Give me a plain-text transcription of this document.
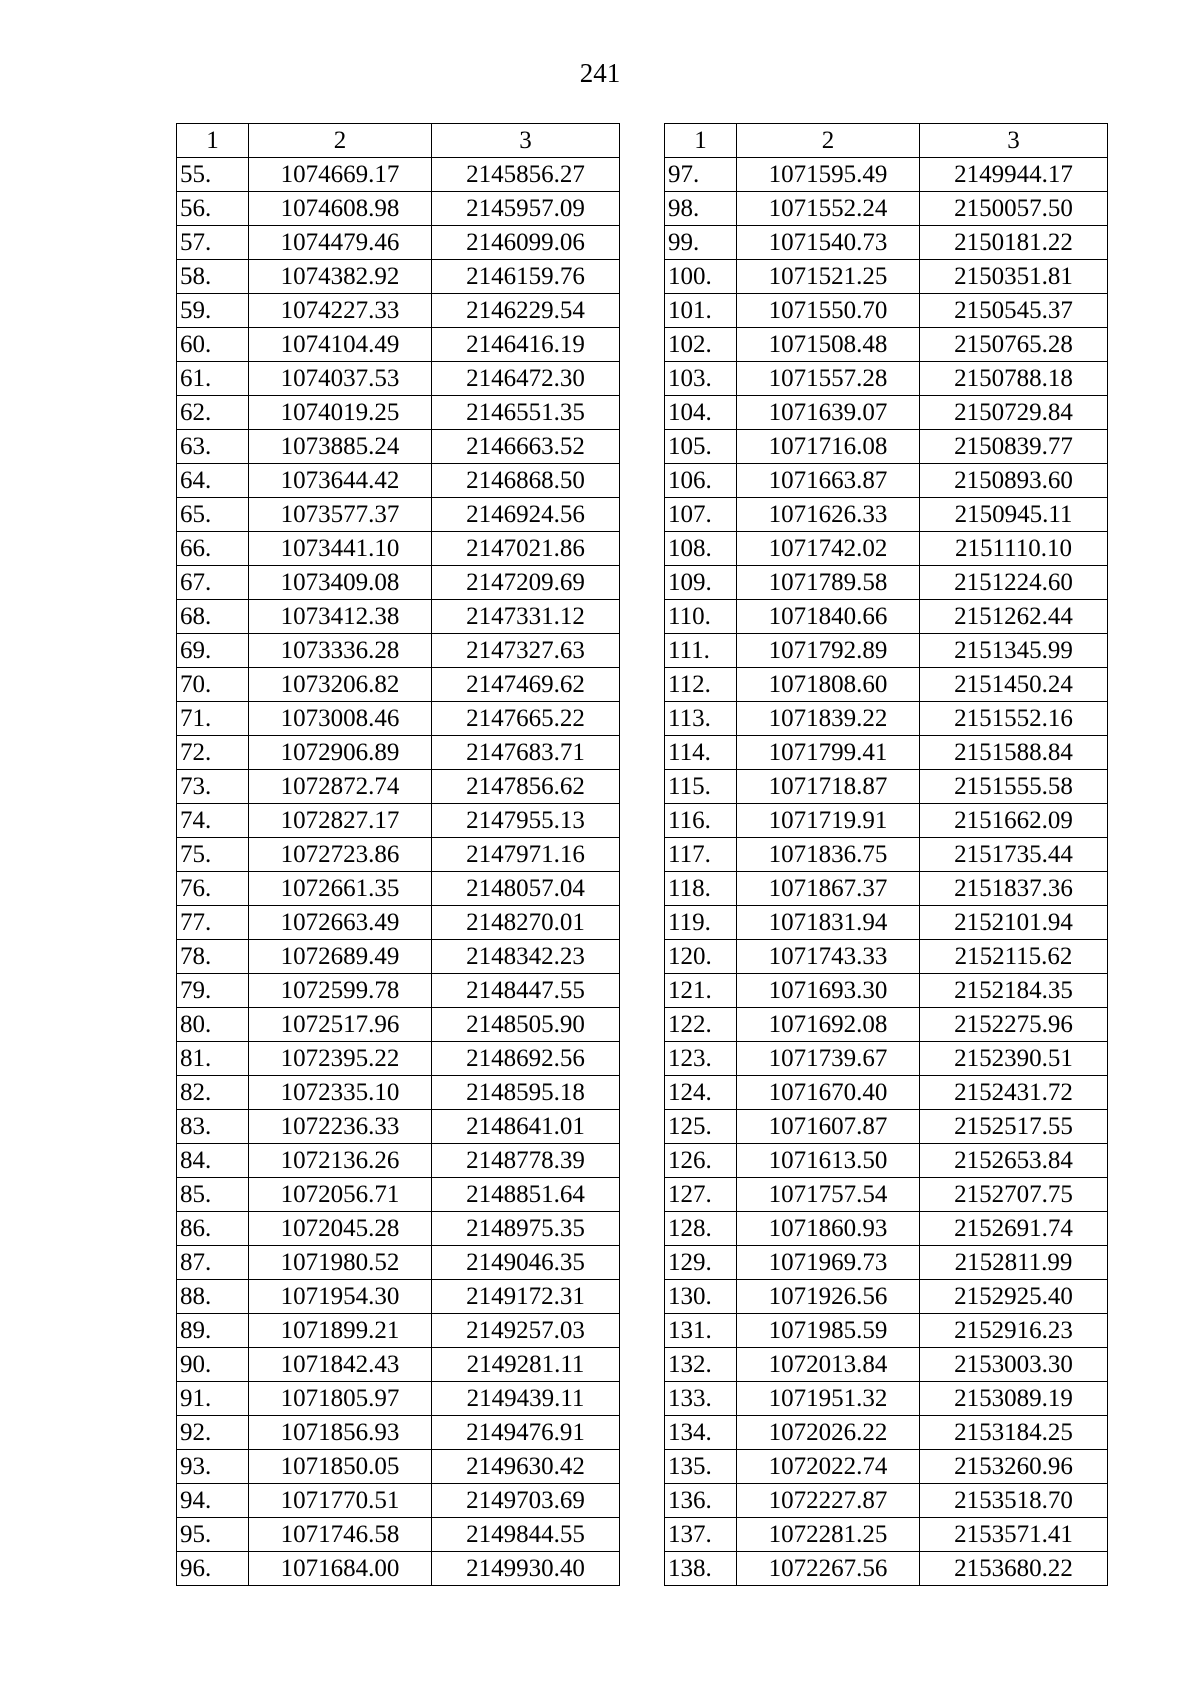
241
1	2	3
55.	1074669.17	2145856.27
56.	1074608.98	2145957.09
57.	1074479.46	2146099.06
58.	1074382.92	2146159.76
59.	1074227.33	2146229.54
60.	1074104.49	2146416.19
61.	1074037.53	2146472.30
62.	1074019.25	2146551.35
63.	1073885.24	2146663.52
64.	1073644.42	2146868.50
65.	1073577.37	2146924.56
66.	1073441.10	2147021.86
67.	1073409.08	2147209.69
68.	1073412.38	2147331.12
69.	1073336.28	2147327.63
70.	1073206.82	2147469.62
71.	1073008.46	2147665.22
72.	1072906.89	2147683.71
73.	1072872.74	2147856.62
74.	1072827.17	2147955.13
75.	1072723.86	2147971.16
76.	1072661.35	2148057.04
77.	1072663.49	2148270.01
78.	1072689.49	2148342.23
79.	1072599.78	2148447.55
80.	1072517.96	2148505.90
81.	1072395.22	2148692.56
82.	1072335.10	2148595.18
83.	1072236.33	2148641.01
84.	1072136.26	2148778.39
85.	1072056.71	2148851.64
86.	1072045.28	2148975.35
87.	1071980.52	2149046.35
88.	1071954.30	2149172.31
89.	1071899.21	2149257.03
90.	1071842.43	2149281.11
91.	1071805.97	2149439.11
92.	1071856.93	2149476.91
93.	1071850.05	2149630.42
94.	1071770.51	2149703.69
95.	1071746.58	2149844.55
96.	1071684.00	2149930.40
1	2	3
97.	1071595.49	2149944.17
98.	1071552.24	2150057.50
99.	1071540.73	2150181.22
100.	1071521.25	2150351.81
101.	1071550.70	2150545.37
102.	1071508.48	2150765.28
103.	1071557.28	2150788.18
104.	1071639.07	2150729.84
105.	1071716.08	2150839.77
106.	1071663.87	2150893.60
107.	1071626.33	2150945.11
108.	1071742.02	2151110.10
109.	1071789.58	2151224.60
110.	1071840.66	2151262.44
111.	1071792.89	2151345.99
112.	1071808.60	2151450.24
113.	1071839.22	2151552.16
114.	1071799.41	2151588.84
115.	1071718.87	2151555.58
116.	1071719.91	2151662.09
117.	1071836.75	2151735.44
118.	1071867.37	2151837.36
119.	1071831.94	2152101.94
120.	1071743.33	2152115.62
121.	1071693.30	2152184.35
122.	1071692.08	2152275.96
123.	1071739.67	2152390.51
124.	1071670.40	2152431.72
125.	1071607.87	2152517.55
126.	1071613.50	2152653.84
127.	1071757.54	2152707.75
128.	1071860.93	2152691.74
129.	1071969.73	2152811.99
130.	1071926.56	2152925.40
131.	1071985.59	2152916.23
132.	1072013.84	2153003.30
133.	1071951.32	2153089.19
134.	1072026.22	2153184.25
135.	1072022.74	2153260.96
136.	1072227.87	2153518.70
137.	1072281.25	2153571.41
138.	1072267.56	2153680.22
